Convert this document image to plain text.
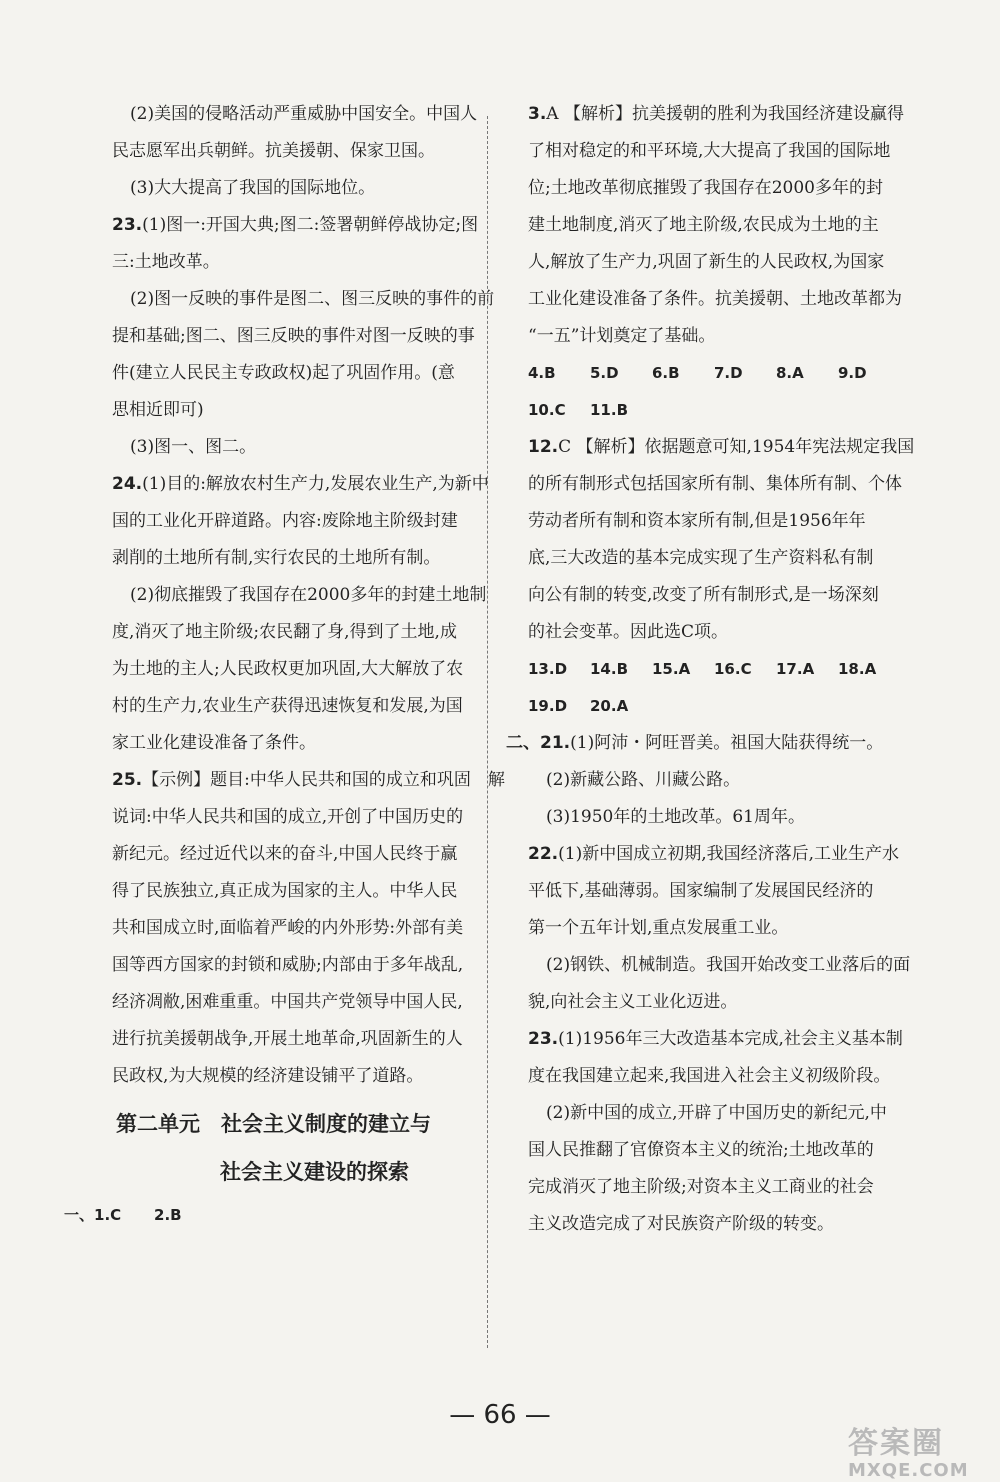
(2)美国的侵略活动严重威胁中国安全。中国人
民志愿军出兵朝鲜。抗美援朝、保家卫国。
(3)大大提高了我国的国际地位。
23.(1)图一:开国大典;图二:签署朝鲜停战协定;图
三:土地改革。
(2)图一反映的事件是图二、图三反映的事件的前
提和基础;图二、图三反映的事件对图一反映的事
件(建立人民民主专政政权)起了巩固作用。(意
思相近即可)
(3)图一、图二。
24.(1)目的:解放农村生产力,发展农业生产,为新中
国的工业化开辟道路。内容:废除地主阶级封建
剥削的土地所有制,实行农民的土地所有制。
(2)彻底摧毁了我国存在2000多年的封建土地制
度,消灭了地主阶级;农民翻了身,得到了土地,成
为土地的主人;人民政权更加巩固,大大解放了农
村的生产力,农业生产获得迅速恢复和发展,为国
家工业化建设准备了条件。
25.【示例】题目:中华人民共和国的成立和巩固　解
说词:中华人民共和国的成立,开创了中国历史的
新纪元。经过近代以来的奋斗,中国人民终于赢
得了民族独立,真正成为国家的主人。中华人民
共和国成立时,面临着严峻的内外形势:外部有美
国等西方国家的封锁和威胁;内部由于多年战乱,
经济凋敝,困难重重。中国共产党领导中国人民,
进行抗美援朝战争,开展土地革命,巩固新生的人
民政权,为大规模的经济建设铺平了道路。
第二单元　社会主义制度的建立与
社会主义建设的探索
一、1.C 2.B
3.A 【解析】抗美援朝的胜利为我国经济建设赢得
了相对稳定的和平环境,大大提高了我国的国际地
位;土地改革彻底摧毁了我国存在2000多年的封
建土地制度,消灭了地主阶级,农民成为土地的主
人,解放了生产力,巩固了新生的人民政权,为国家
工业化建设准备了条件。抗美援朝、土地改革都为
“一五”计划奠定了基础。
4.B 5.D 6.B 7.D 8.A 9.D
10.C 11.B
12.C 【解析】依据题意可知,1954年宪法规定我国
的所有制形式包括国家所有制、集体所有制、个体
劳动者所有制和资本家所有制,但是1956年年
底,三大改造的基本完成实现了生产资料私有制
向公有制的转变,改变了所有制形式,是一场深刻
的社会变革。因此选C项。
13.D 14.B 15.A 16.C 17.A 18.A
19.D 20.A
二、21.(1)阿沛・阿旺晋美。祖国大陆获得统一。
(2)新藏公路、川藏公路。
(3)1950年的土地改革。61周年。
22.(1)新中国成立初期,我国经济落后,工业生产水
平低下,基础薄弱。国家编制了发展国民经济的
第一个五年计划,重点发展重工业。
(2)钢铁、机械制造。我国开始改变工业落后的面
貌,向社会主义工业化迈进。
23.(1)1956年三大改造基本完成,社会主义基本制
度在我国建立起来,我国进入社会主义初级阶段。
(2)新中国的成立,开辟了中国历史的新纪元,中
国人民推翻了官僚资本主义的统治;土地改革的
完成消灭了地主阶级;对资本主义工商业的社会
主义改造完成了对民族资产阶级的转变。
— 66 —
答案圈
MXQE.COM
